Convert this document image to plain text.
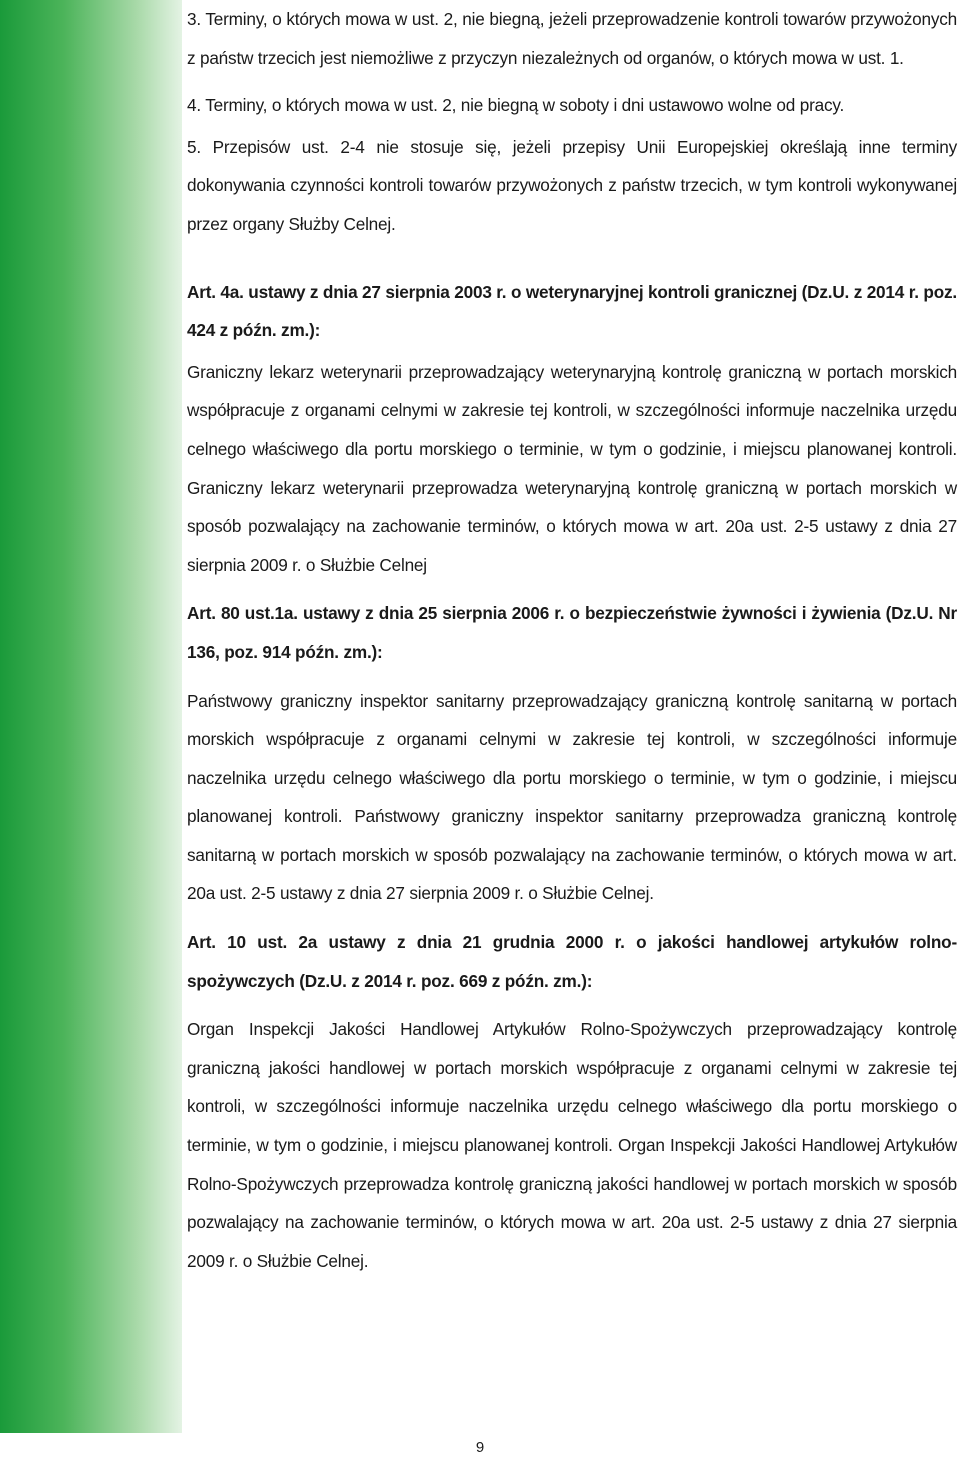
3. Terminy, o których mowa w ust. 2, nie biegną, jeżeli przeprowadzenie kontroli towarów przywożonych z państw trzecich jest niemożliwe z przyczyn niezależnych od organów, o których mowa w ust. 1.

4. Terminy, o których mowa w ust. 2, nie biegną w soboty i dni ustawowo wolne od pracy.

5. Przepisów ust. 2-4 nie stosuje się, jeżeli przepisy Unii Europejskiej określają inne terminy dokonywania czynności kontroli towarów przywożonych z państw trzecich, w tym kontroli wykonywanej przez organy Służby Celnej.

Art. 4a. ustawy z dnia 27 sierpnia 2003 r. o weterynaryjnej kontroli granicznej (Dz.U. z 2014 r. poz. 424 z późn. zm.):

Graniczny lekarz weterynarii przeprowadzający weterynaryjną kontrolę graniczną w portach morskich współpracuje z organami celnymi w zakresie tej kontroli, w szczególności informuje naczelnika urzędu celnego właściwego dla portu morskiego o terminie, w tym o godzinie, i miejscu planowanej kontroli. Graniczny lekarz weterynarii przeprowadza weterynaryjną kontrolę graniczną w portach morskich w sposób pozwalający na zachowanie terminów, o których mowa w art. 20a ust. 2-5 ustawy z dnia 27 sierpnia 2009 r. o Służbie Celnej

Art. 80 ust.1a. ustawy z dnia 25 sierpnia 2006 r. o bezpieczeństwie żywności i żywienia (Dz.U. Nr 136, poz. 914 późn. zm.):

Państwowy graniczny inspektor sanitarny przeprowadzający graniczną kontrolę sanitarną w portach morskich współpracuje z organami celnymi w zakresie tej kontroli, w szczególności informuje naczelnika urzędu celnego właściwego dla portu morskiego o terminie, w tym o godzinie, i miejscu planowanej kontroli. Państwowy graniczny inspektor sanitarny przeprowadza graniczną kontrolę sanitarną w portach morskich w sposób pozwalający na zachowanie terminów, o których mowa w art. 20a ust. 2-5 ustawy z dnia 27 sierpnia 2009 r. o Służbie Celnej.

Art. 10 ust. 2a ustawy z dnia 21 grudnia 2000 r. o jakości handlowej artykułów rolno-spożywczych (Dz.U. z 2014 r. poz. 669 z późn. zm.):

Organ Inspekcji Jakości Handlowej Artykułów Rolno-Spożywczych przeprowadzający kontrolę graniczną jakości handlowej w portach morskich współpracuje z organami celnymi w zakresie tej kontroli, w szczególności informuje naczelnika urzędu celnego właściwego dla portu morskiego o terminie, w tym o godzinie, i miejscu planowanej kontroli. Organ Inspekcji Jakości Handlowej Artykułów Rolno-Spożywczych przeprowadza kontrolę graniczną jakości handlowej w portach morskich w sposób pozwalający na zachowanie terminów, o których mowa w art. 20a ust. 2-5 ustawy z dnia 27 sierpnia 2009 r. o Służbie Celnej.

9
